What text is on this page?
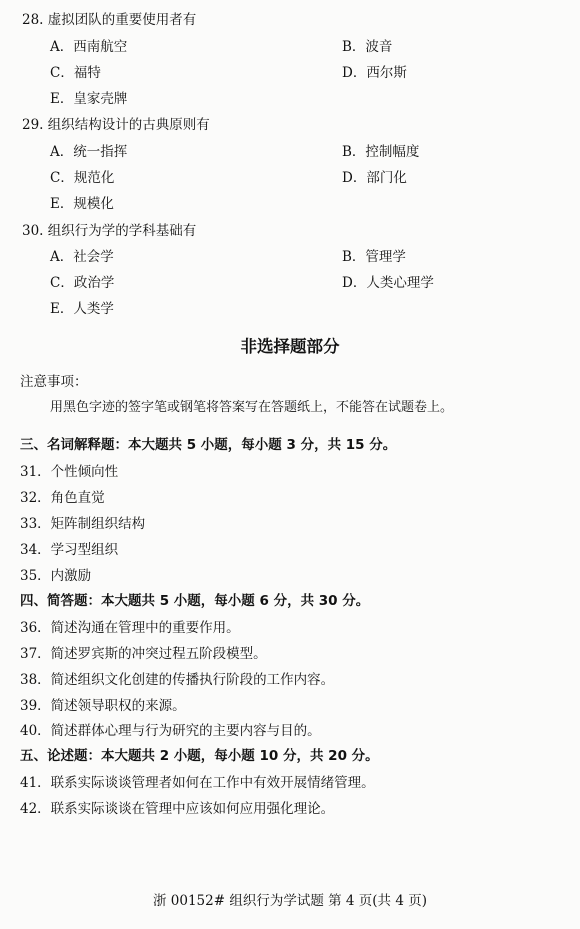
28. 虚拟团队的重要使用者有
A．西南航空	B．波音
C．福特	D．西尔斯
E．皇家壳牌
29. 组织结构设计的古典原则有
A．统一指挥	B．控制幅度
C．规范化	D．部门化
E．规模化
30. 组织行为学的学科基础有
A．社会学	B．管理学
C．政治学	D．人类心理学
E．人类学
非选择题部分
注意事项：
用黑色字迹的签字笔或钢笔将答案写在答题纸上，不能答在试题卷上。
三、名词解释题：本大题共 5 小题，每小题 3 分，共 15 分。
31．个性倾向性
32．角色直觉
33．矩阵制组织结构
34．学习型组织
35．内激励
四、简答题：本大题共 5 小题，每小题 6 分，共 30 分。
36．简述沟通在管理中的重要作用。
37．简述罗宾斯的冲突过程五阶段模型。
38．简述组织文化创建的传播执行阶段的工作内容。
39．简述领导职权的来源。
40．简述群体心理与行为研究的主要内容与目的。
五、论述题：本大题共 2 小题，每小题 10 分，共 20 分。
41．联系实际谈谈管理者如何在工作中有效开展情绪管理。
42．联系实际谈谈在管理中应该如何应用强化理论。
浙 00152# 组织行为学试题 第 4 页(共 4 页)
